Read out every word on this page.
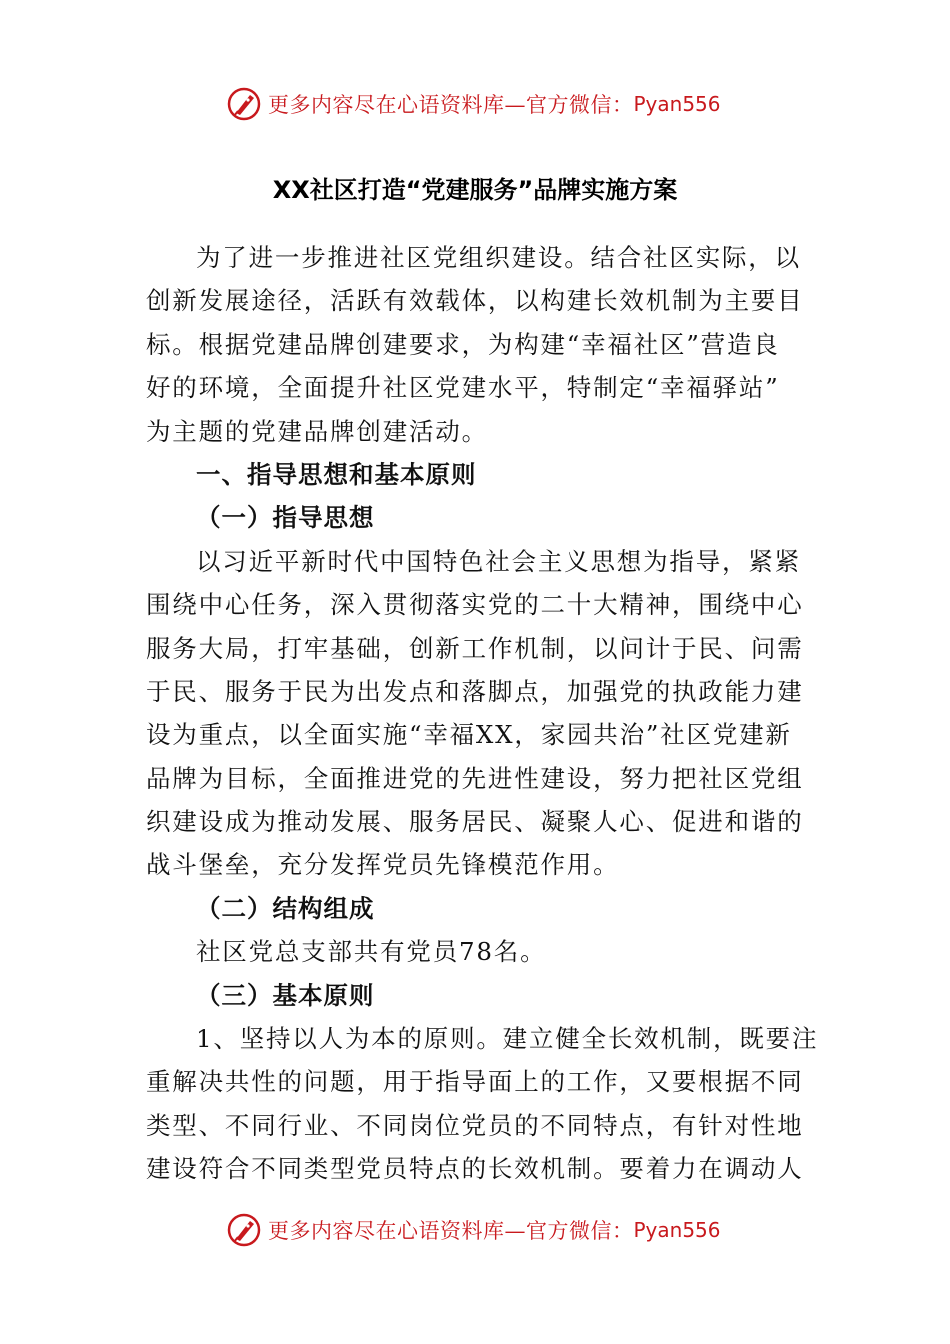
更多内容尽在心语资料库—官方微信： Pyan556
XX社区打造“党建服务”品牌实施方案
为了进一步推进社区党组织建设。结合社区实际，以
创新发展途径，活跃有效载体，以构建长效机制为主要目
标。根据党建品牌创建要求，为构建“幸福社区”营造良
好的环境，全面提升社区党建水平，特制定“幸福驿站”
为主题的党建品牌创建活动。
一、指导思想和基本原则
（一）指导思想
以习近平新时代中国特色社会主义思想为指导，紧紧
围绕中心任务，深入贯彻落实党的二十大精神，围绕中心
服务大局，打牢基础，创新工作机制，以问计于民、问需
于民、服务于民为出发点和落脚点，加强党的执政能力建
设为重点，以全面实施“幸福XX，家园共治”社区党建新
品牌为目标，全面推进党的先进性建设，努力把社区党组
织建设成为推动发展、服务居民、凝聚人心、促进和谐的
战斗堡垒，充分发挥党员先锋模范作用。
（二）结构组成
社区党总支部共有党员78名。
（三）基本原则
1、坚持以人为本的原则。建立健全长效机制，既要注
重解决共性的问题，用于指导面上的工作，又要根据不同
类型、不同行业、不同岗位党员的不同特点，有针对性地
建设符合不同类型党员特点的长效机制。要着力在调动人
更多内容尽在心语资料库—官方微信： Pyan556
